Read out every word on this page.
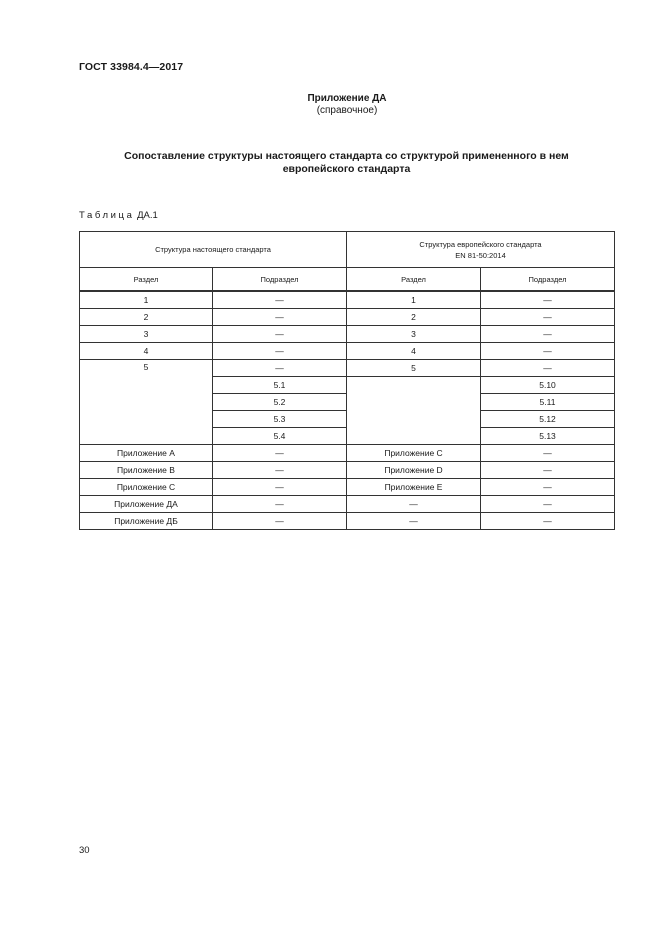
ГОСТ 33984.4—2017
Приложение ДА
(справочное)
Сопоставление структуры настоящего стандарта со структурой примененного в нем
европейского стандарта
Таблица ДА.1
Структура настоящего стандарта		Структура европейского стандарта
EN 81-50:2014	

Раздел	Подраздел	Раздел	Подраздел
1	—	1	—
2	—	2	—
3	—	3	—
4	—	4	—
5	—	5	—
	5.1		5.10
	5.2		5.11
	5.3		5.12
	5.4		5.13
Приложение А	—	Приложение С	—
Приложение В	—	Приложение D	—
Приложение С	—	Приложение Е	—
Приложение ДА	—	—	—
Приложение ДБ	—	—	—
30
